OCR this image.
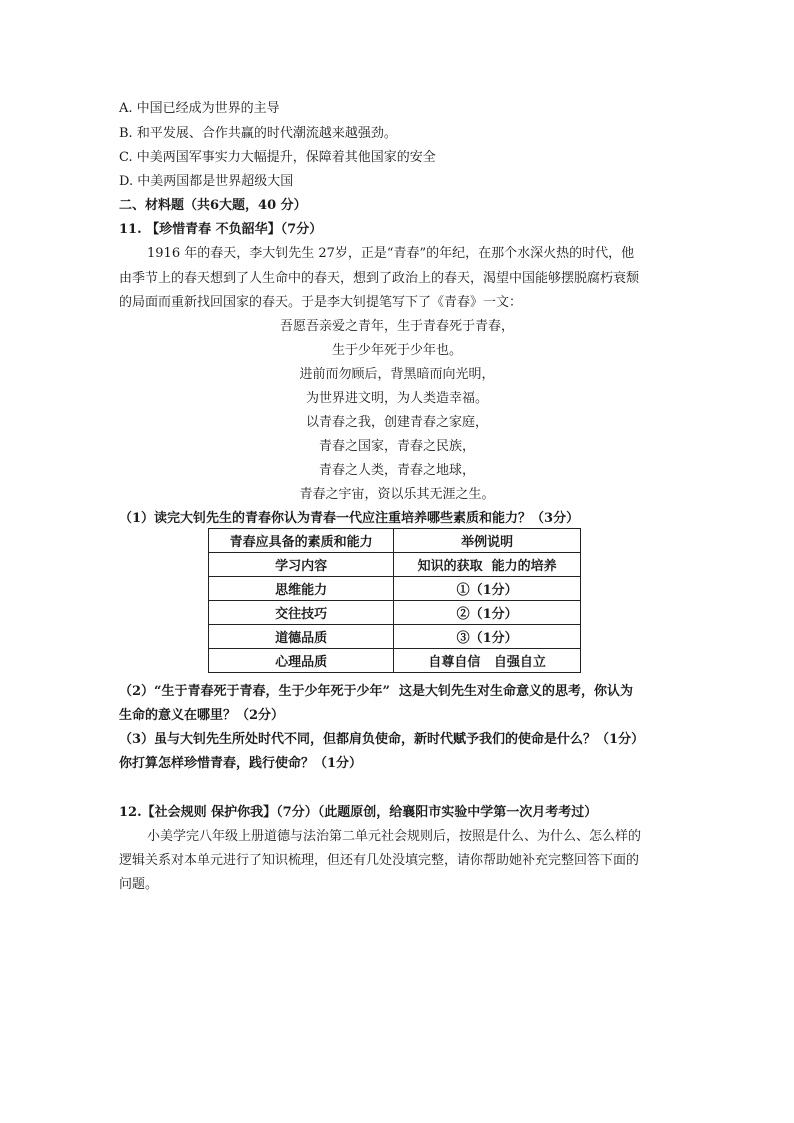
A. 中国已经成为世界的主导
B. 和平发展、合作共赢的时代潮流越来越强劲。
C. 中美两国军事实力大幅提升，保障着其他国家的安全
D. 中美两国都是世界超级大国
二、材料题（共6大题，40 分）
11. 【珍惜青春 不负韶华】（7分）
1916 年的春天，李大钊先生 27岁，正是“青春”的年纪，在那个水深火热的时代，他
由季节上的春天想到了人生命中的春天，想到了政治上的春天，渴望中国能够摆脱腐朽衰颓
的局面而重新找回国家的春天。于是李大钊提笔写下了《青春》一文：
吾愿吾亲爱之青年，生于青春死于青春，
生于少年死于少年也。
进前而勿顾后，背黑暗而向光明，
为世界进文明，为人类造幸福。
以青春之我，创建青春之家庭，
青春之国家，青春之民族，
青春之人类，青春之地球，
青春之宇宙，资以乐其无涯之生。
（1）读完大钊先生的青春你认为青春一代应注重培养哪些素质和能力？（3分）
青春应具备的素质和能力	举例说明
学习内容	知识的获取  能力的培养
思维能力	①（1分）
交往技巧	②（1分）
道德品质	③（1分）
心理品质	自尊自信   自强自立
（2）“生于青春死于青春，生于少年死于少年”  这是大钊先生对生命意义的思考，你认为
生命的意义在哪里？（2分）
（3）虽与大钊先生所处时代不同，但都肩负使命，新时代赋予我们的使命是什么？（1分）
你打算怎样珍惜青春，践行使命？（1分）
12.【社会规则 保护你我】（7分）（此题原创，给襄阳市实验中学第一次月考考过）
小美学完八年级上册道德与法治第二单元社会规则后，按照是什么、为什么、怎么样的
逻辑关系对本单元进行了知识梳理，但还有几处没填完整，请你帮助她补充完整回答下面的
问题。
